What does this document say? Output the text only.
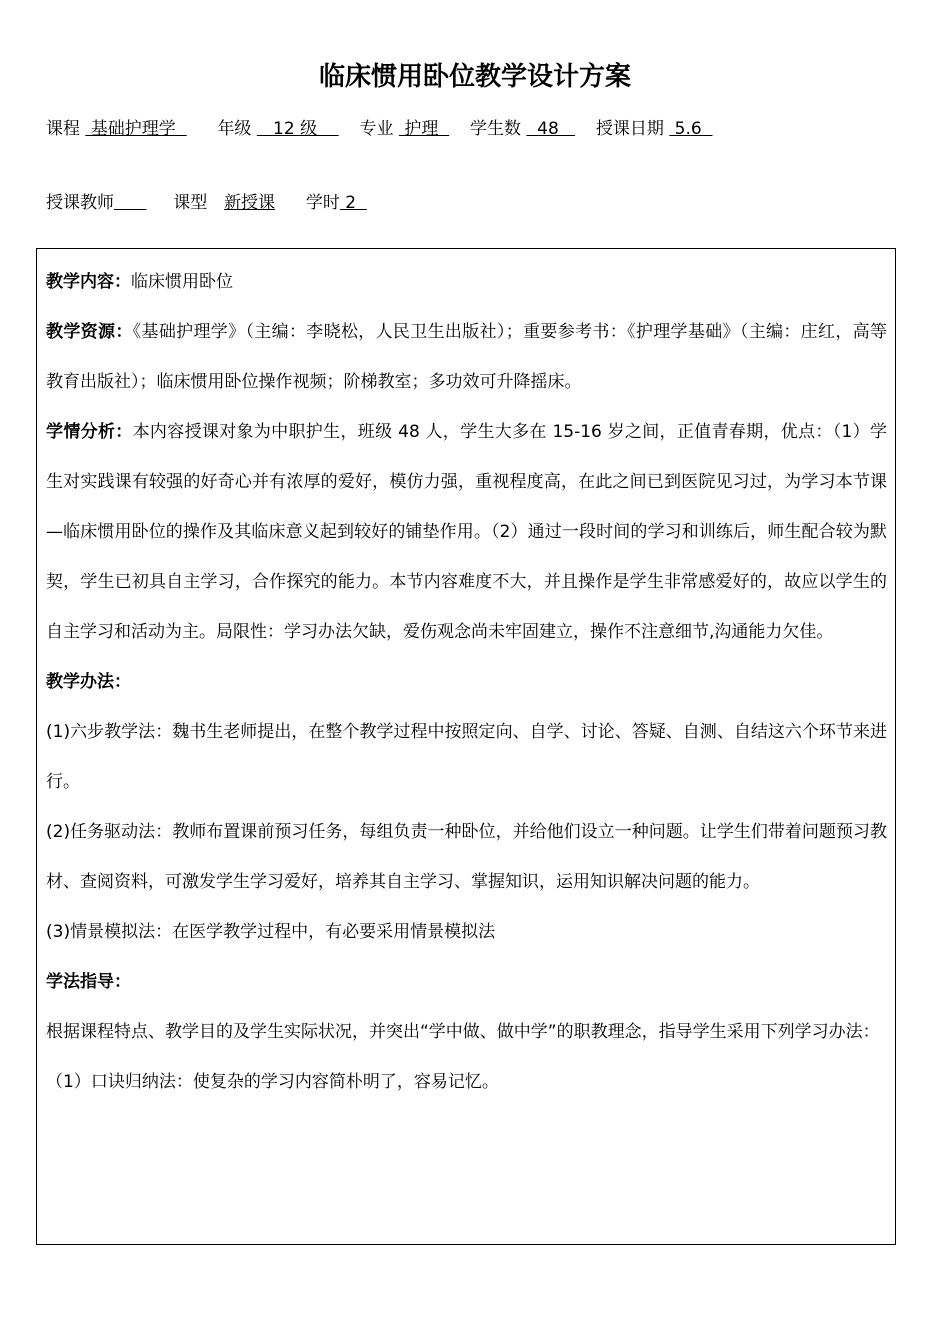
临床惯用卧位教学设计方案
课程  基础护理学    年级    12 级      专业  护理    学生数   48     授课日期  5.6
授课教师	课型 新授课 学时 2

教学内容：临床惯用卧位

教学资源：《基础护理学》（主编：李晓松，人民卫生出版社）；重要参考书：《护理学基础》（主编：庄红，高等教育出版社）；临床惯用卧位操作视频；阶梯教室；多功效可升降摇床。

学情分析：本内容授课对象为中职护生，班级 48 人，学生大多在 15-16 岁之间，正值青春期，优点：（1）学生对实践课有较强的好奇心并有浓厚的爱好，模仿力强，重视程度高，在此之间已到医院见习过，为学习本节课—临床惯用卧位的操作及其临床意义起到较好的铺垫作用。（2）通过一段时间的学习和训练后，师生配合较为默契，学生已初具自主学习，合作探究的能力。本节内容难度不大，并且操作是学生非常感爱好的，故应以学生的自主学习和活动为主。局限性：学习办法欠缺，爱伤观念尚未牢固建立，操作不注意细节,沟通能力欠佳。

教学办法：

(1)六步教学法：魏书生老师提出，在整个教学过程中按照定向、自学、讨论、答疑、自测、自结这六个环节来进行。

(2)任务驱动法：教师布置课前预习任务，每组负责一种卧位，并给他们设立一种问题。让学生们带着问题预习教材、查阅资料，可激发学生学习爱好，培养其自主学习、掌握知识，运用知识解决问题的能力。

(3)情景模拟法：在医学教学过程中，有必要采用情景模拟法

学法指导：

根据课程特点、教学目的及学生实际状况，并突出“学中做、做中学”的职教理念，指导学生采用下列学习办法：

（1）口诀归纳法：使复杂的学习内容简朴明了，容易记忆。
